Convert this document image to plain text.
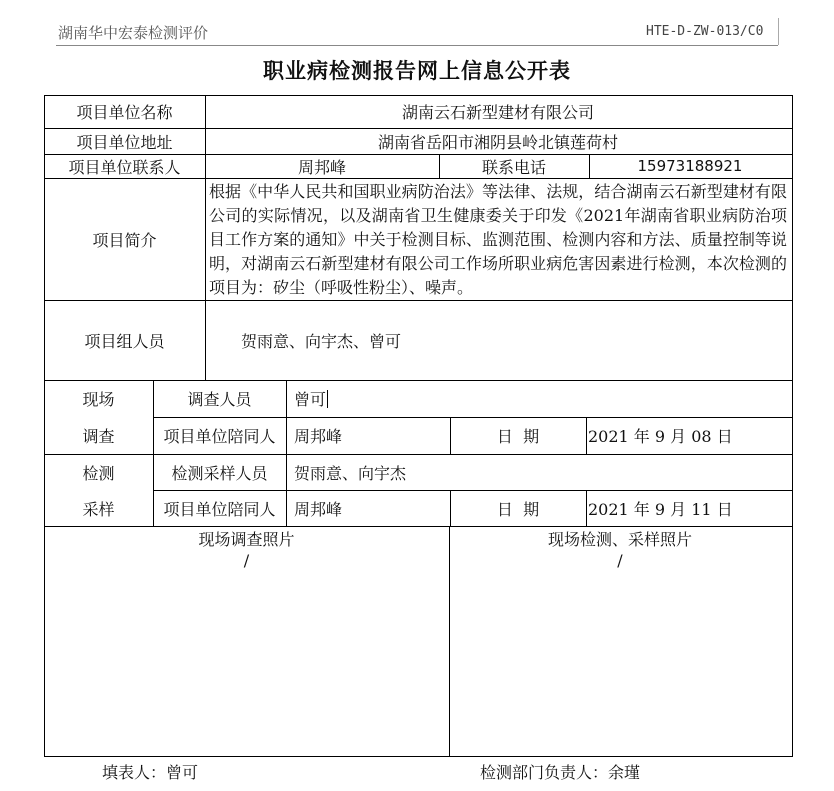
湖南华中宏泰检测评价	HTE-D-ZW-013/C0
职业病检测报告网上信息公开表
项目单位名称	湖南云石新型建材有限公司
项目单位地址	湖南省岳阳市湘阴县岭北镇莲荷村
项目单位联系人	周邦峰	联系电话	15973188921
项目简介
根据《中华人民共和国职业病防治法》等法律、法规，结合湖南云石新型建材有限公司的实际情况，以及湖南省卫生健康委关于印发《2021年湖南省职业病防治项目工作方案的通知》中关于检测目标、监测范围、检测内容和方法、质量控制等说明，对湖南云石新型建材有限公司工作场所职业病危害因素进行检测，本次检测的项目为：矽尘（呼吸性粉尘）、噪声。
项目组人员	贺雨意、向宇杰、曾可
现场
调查
调查人员	曾可
项目单位陪同人	周邦峰	日  期	2021 年 9 月 08 日
检测
采样
检测采样人员	贺雨意、向宇杰
项目单位陪同人	周邦峰	日  期	2021 年 9 月 11 日
现场调查照片
/
现场检测、采样照片
/
填表人：曾可	检测部门负责人：余瑾
